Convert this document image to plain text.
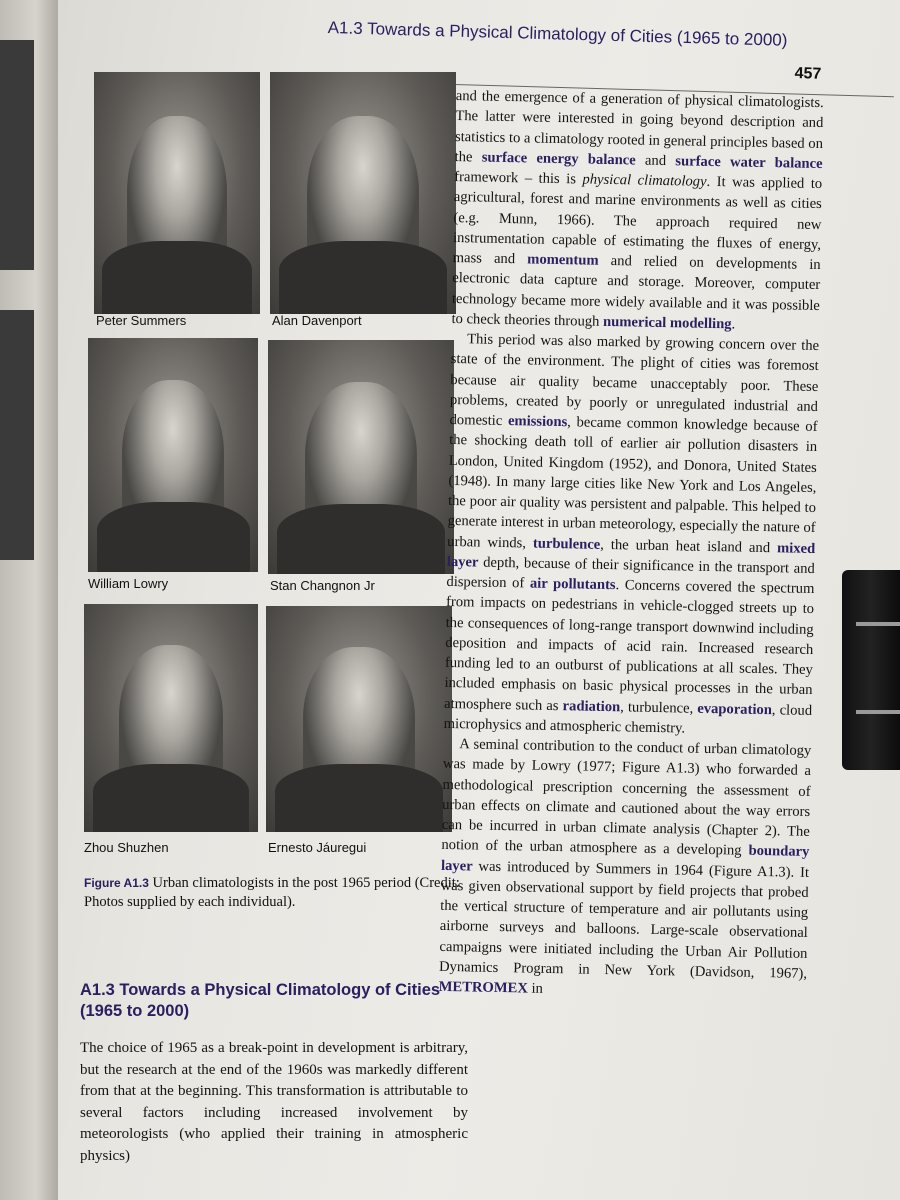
A1.3 Towards a Physical Climatology of Cities (1965 to 2000)
457
Peter Summers	Alan Davenport
William Lowry	Stan Changnon Jr
Zhou Shuzhen	Ernesto Jáuregui
Figure A1.3 Urban climatologists in the post 1965 period (Credit: Photos supplied by each individual).
A1.3 Towards a Physical Climatology of Cities (1965 to 2000)
The choice of 1965 as a break-point in development is arbitrary, but the research at the end of the 1960s was markedly different from that at the beginning. This transformation is attributable to several factors including increased involvement by meteorologists (who applied their training in atmospheric physics)

and the emergence of a generation of physical climatologists. The latter were interested in going beyond description and statistics to a climatology rooted in general principles based on the surface energy balance and surface water balance framework – this is physical climatology. It was applied to agricultural, forest and marine environments as well as cities (e.g. Munn, 1966). The approach required new instrumentation capable of estimating the fluxes of energy, mass and momentum and relied on developments in electronic data capture and storage. Moreover, computer technology became more widely available and it was possible to check theories through numerical modelling.

This period was also marked by growing concern over the state of the environment. The plight of cities was foremost because air quality became unacceptably poor. These problems, created by poorly or unregulated industrial and domestic emissions, became common knowledge because of the shocking death toll of earlier air pollution disasters in London, United Kingdom (1952), and Donora, United States (1948). In many large cities like New York and Los Angeles, the poor air quality was persistent and palpable. This helped to generate interest in urban meteorology, especially the nature of urban winds, turbulence, the urban heat island and mixed layer depth, because of their significance in the transport and dispersion of air pollutants. Concerns covered the spectrum from impacts on pedestrians in vehicle-clogged streets up to the consequences of long-range transport downwind including deposition and impacts of acid rain. Increased research funding led to an outburst of publications at all scales. They included emphasis on basic physical processes in the urban atmosphere such as radiation, turbulence, evaporation, cloud microphysics and atmospheric chemistry.

A seminal contribution to the conduct of urban climatology was made by Lowry (1977; Figure A1.3) who forwarded a methodological prescription concerning the assessment of urban effects on climate and cautioned about the way errors can be incurred in urban climate analysis (Chapter 2). The notion of the urban atmosphere as a developing boundary layer was introduced by Summers in 1964 (Figure A1.3). It was given observational support by field projects that probed the vertical structure of temperature and air pollutants using airborne surveys and balloons. Large-scale observational campaigns were initiated including the Urban Air Pollution Dynamics Program in New York (Davidson, 1967), METROMEX in
